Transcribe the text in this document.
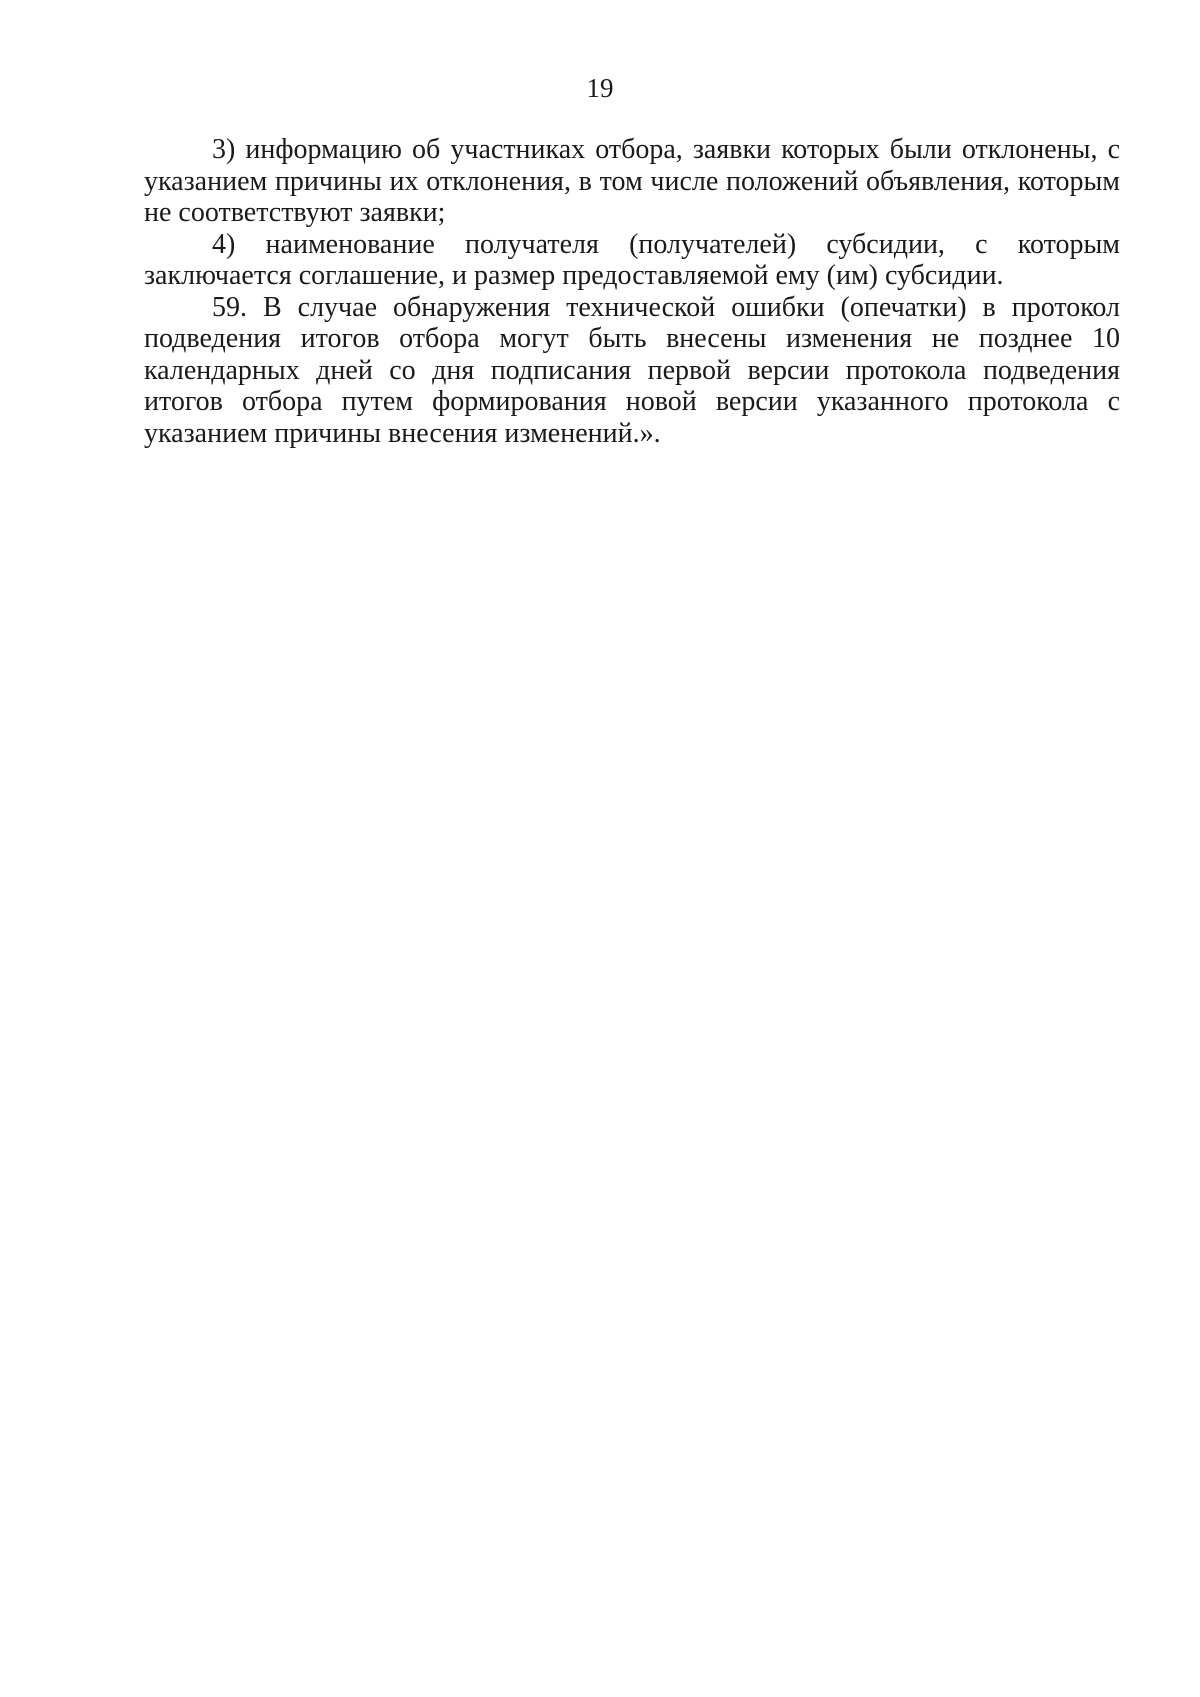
19

3) информацию об участниках отбора, заявки которых были отклонены, с указанием причины их отклонения, в том числе положений объявления, которым не соответствуют заявки;

4) наименование получателя (получателей) субсидии, с которым заключается соглашение, и размер предоставляемой ему (им) субсидии.

59. В случае обнаружения технической ошибки (опечатки) в протокол подведения итогов отбора могут быть внесены изменения не позднее 10 календарных дней со дня подписания первой версии протокола подведения итогов отбора путем формирования новой версии указанного протокола с указанием причины внесения изменений.».
